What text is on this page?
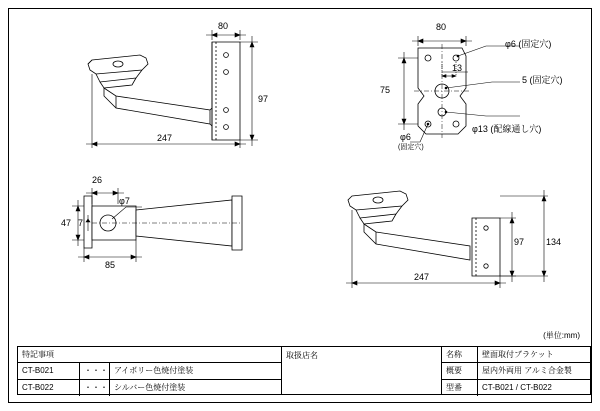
80
97
247
80
75
13
φ6 (固定穴)
5 (固定穴)
φ6
(固定穴)
φ13 (配線通し穴)
26
φ7
47 7
85
97 134
247
(単位:mm)
特記事項
CT-B021	・・・ アイボリー色焼付塗装
CT-B022	・・・ シルバー色焼付塗装
取扱店名	名称	壁面取付ブラケット
概要	屋内外両用 アルミ合金製
型番	CT-B021 / CT-B022
